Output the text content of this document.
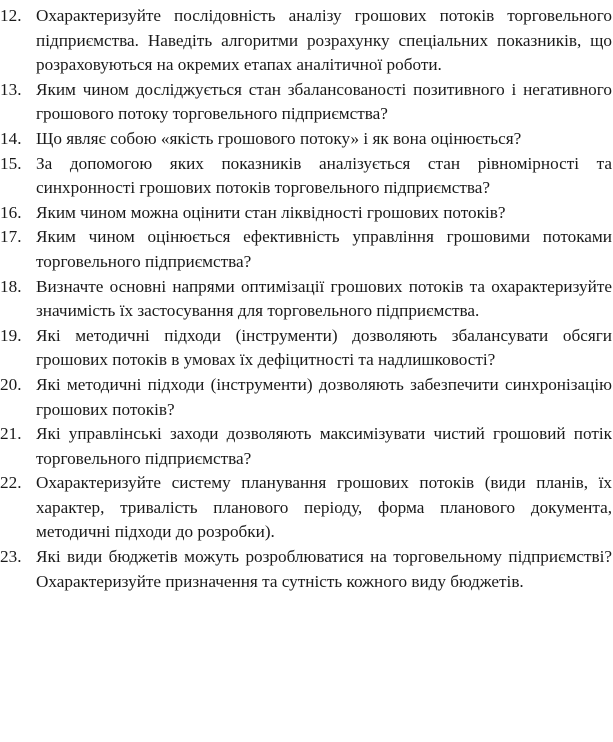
12. Охарактеризуйте послідовність аналізу грошових потоків торговельного підприємства. Наведіть алгоритми розрахунку спеціальних показників, що розраховуються на окремих етапах аналітичної роботи.
13. Яким чином досліджується стан збалансованості позитивного і негативного грошового потоку торговельного підприємства?
14. Що являє собою «якість грошового потоку» і як вона оцінюється?
15. За допомогою яких показників аналізується стан рівномірності та синхронності грошових потоків торговельного підприємства?
16. Яким чином можна оцінити стан ліквідності грошових потоків?
17. Яким чином оцінюється ефективність управління грошовими потоками торговельного підприємства?
18. Визначте основні напрями оптимізації грошових потоків та охарактеризуйте значимість їх застосування для торговельного підприємства.
19. Які методичні підходи (інструменти) дозволяють збалансувати обсяги грошових потоків в умовах їх дефіцитності та надлишковості?
20. Які методичні підходи (інструменти) дозволяють забезпечити синхронізацію грошових потоків?
21. Які управлінські заходи дозволяють максимізувати чистий грошовий потік торговельного підприємства?
22. Охарактеризуйте систему планування грошових потоків (види планів, їх характер, тривалість планового періоду, форма планового документа, методичні підходи до розробки).
23. Які види бюджетів можуть розроблюватися на торговельному підприємстві? Охарактеризуйте призначення та сутність кожного виду бюджетів.
